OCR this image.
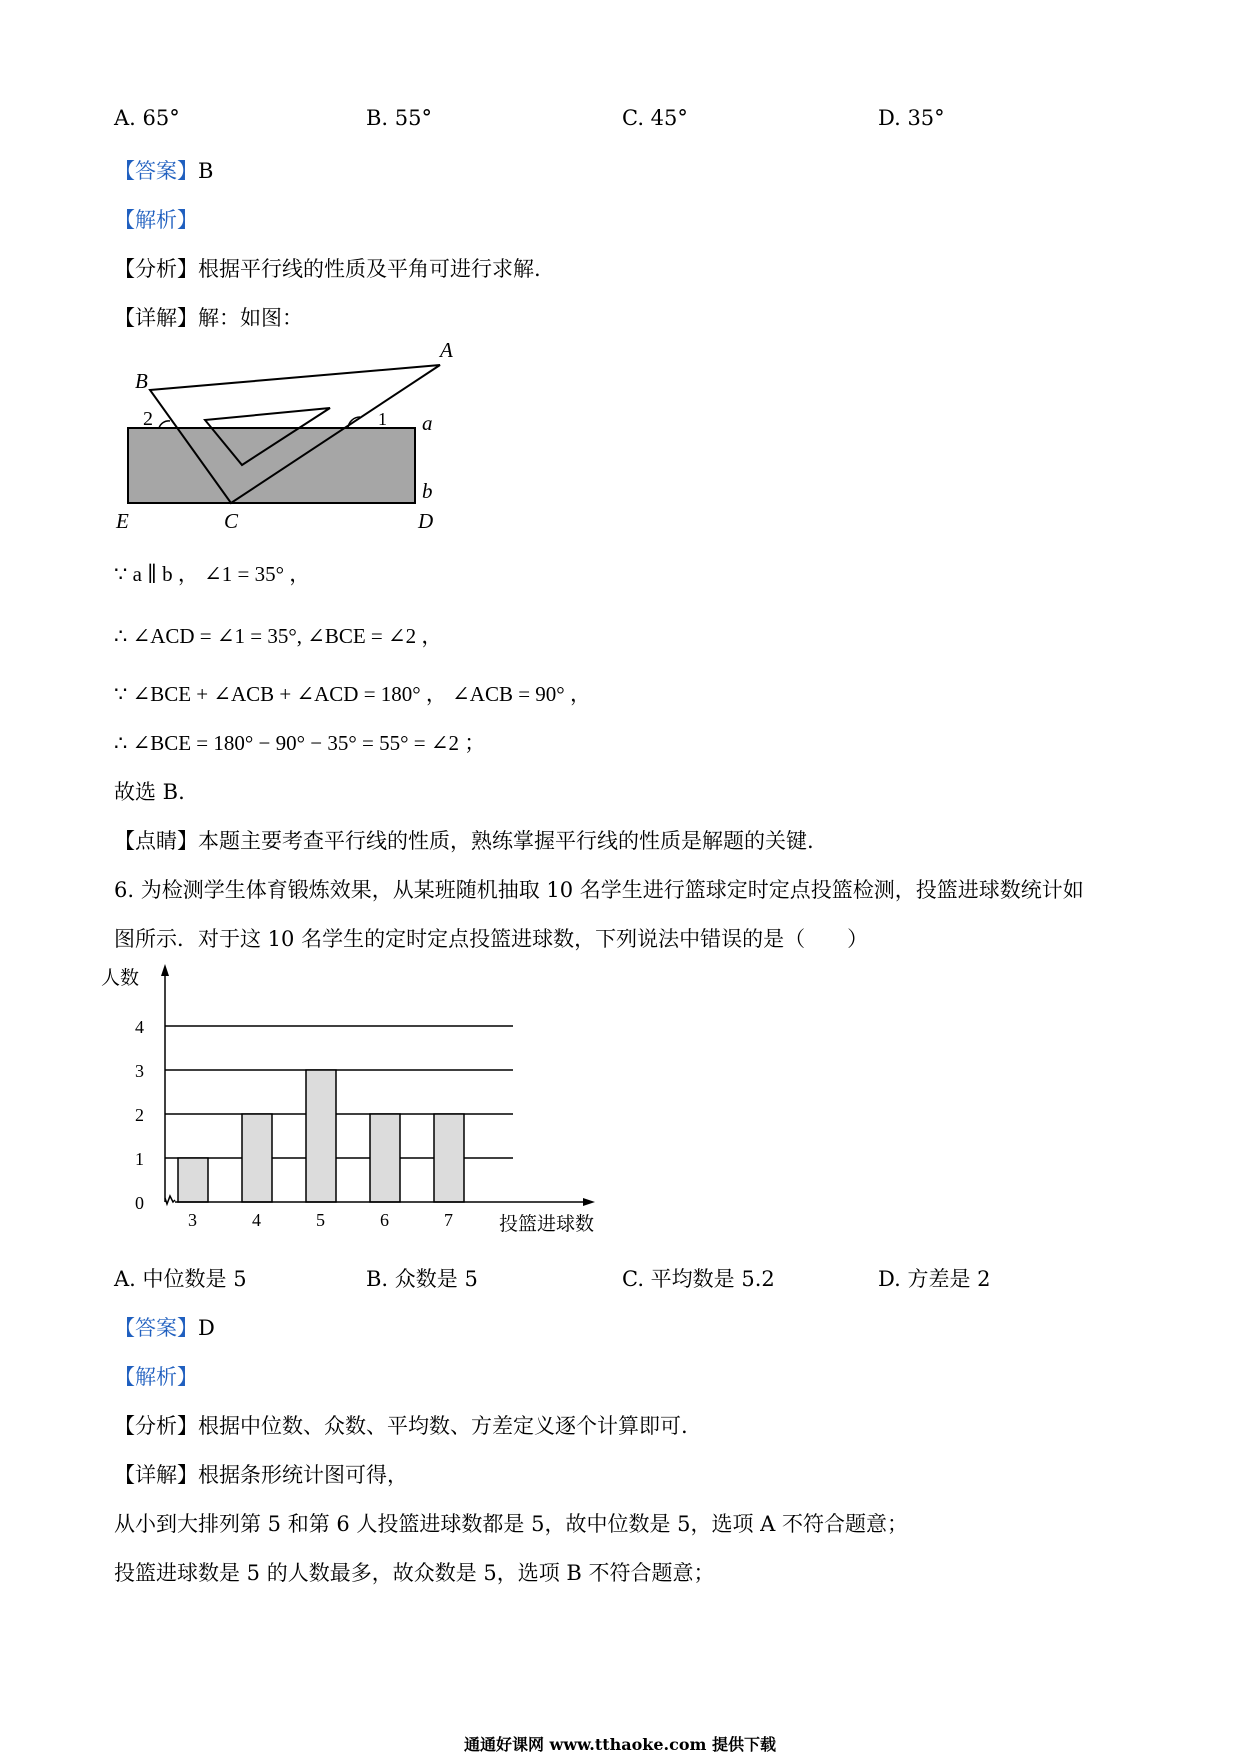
A. 65°	B. 55°	C. 45°	D. 35°
【答案】B
【解析】
【分析】根据平行线的性质及平角可进行求解.
【详解】解：如图：
B
A
2	1 a
b
E	C	D
∵ a ∥ b ， ∠1 = 35° ，
∴ ∠ACD = ∠1 = 35°, ∠BCE = ∠2 ，
∵ ∠BCE + ∠ACB + ∠ACD = 180° ， ∠ACB = 90° ，
∴ ∠BCE = 180° − 90° − 35° = 55° = ∠2 ；
故选 B.
【点睛】本题主要考查平行线的性质，熟练掌握平行线的性质是解题的关键.
6. 为检测学生体育锻炼效果，从某班随机抽取 10 名学生进行篮球定时定点投篮检测，投篮进球数统计如
图所示．对于这 10 名学生的定时定点投篮进球数，下列说法中错误的是（　　）
0
1
2
3
4
3	4	5	6	7
人数
投篮进球数
A. 中位数是 5	B. 众数是 5	C. 平均数是 5.2	D. 方差是 2
【答案】D
【解析】
【分析】根据中位数、众数、平均数、方差定义逐个计算即可.
【详解】根据条形统计图可得，
从小到大排列第 5 和第 6 人投篮进球数都是 5，故中位数是 5，选项 A 不符合题意；
投篮进球数是 5 的人数最多，故众数是 5，选项 B 不符合题意；
通通好课网 www.tthaoke.com 提供下载
